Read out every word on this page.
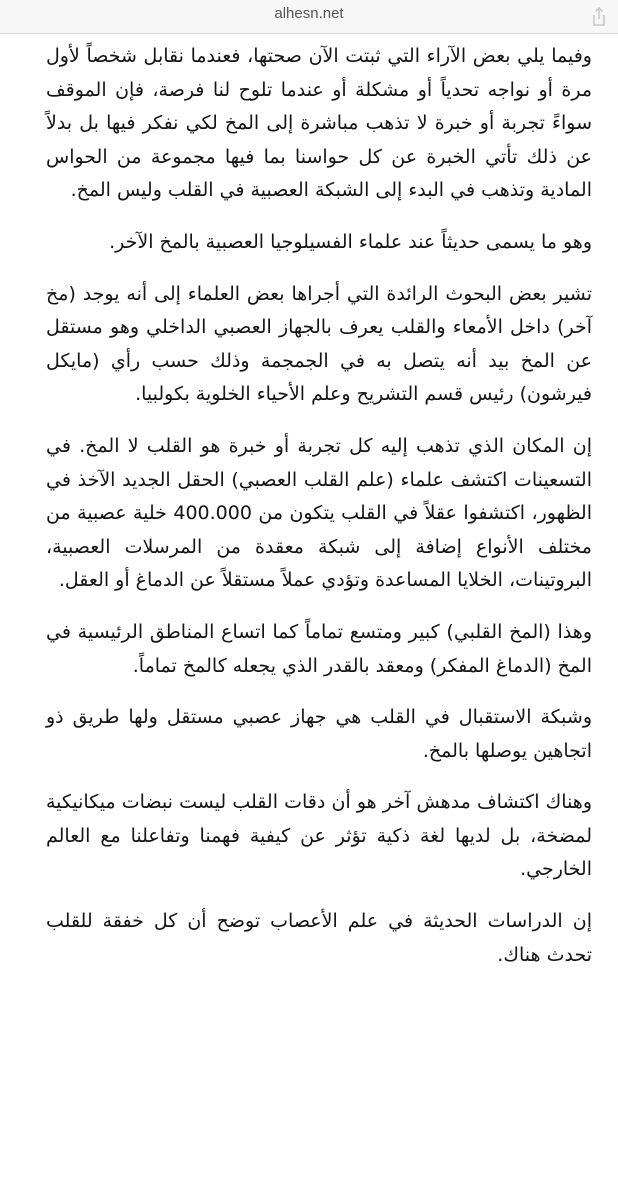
alhesn.net

وفيما يلي بعض الآراء التي ثبتت الآن صحتها، فعندما نقابل شخصاً لأول مرة أو نواجه تحدياً أو مشكلة أو عندما تلوح لنا فرصة، فإن الموقف سواءً تجربة أو خبرة لا تذهب مباشرة إلى المخ لكي نفكر فيها بل بدلاً عن ذلك تأتي الخبرة عن كل حواسنا بما فيها مجموعة من الحواس المادية وتذهب في البدء إلى الشبكة العصبية في القلب وليس المخ.

وهو ما يسمى حديثاً عند علماء الفسيلوجيا العصبية بالمخ الآخر.

تشير بعض البحوث الرائدة التي أجراها بعض العلماء إلى أنه يوجد (مخ آخر) داخل الأمعاء والقلب يعرف بالجهاز العصبي الداخلي وهو مستقل عن المخ بيد أنه يتصل به في الجمجمة وذلك حسب رأي (مايكل فيرشون) رئيس قسم التشريح وعلم الأحياء الخلوية بكولبيا.

إن المكان الذي تذهب إليه كل تجربة أو خبرة هو القلب لا المخ. في التسعينات اكتشف علماء (علم القلب العصبي) الحقل الجديد الآخذ في الظهور، اكتشفوا عقلاً في القلب يتكون من 400.000 خلية عصبية من مختلف الأنواع إضافة إلى شبكة معقدة من المرسلات العصبية، البروتينات، الخلايا المساعدة وتؤدي عملاً مستقلاً عن الدماغ أو العقل.

وهذا (المخ القلبي) كبير ومتسع تماماً كما اتساع المناطق الرئيسية في المخ (الدماغ المفكر) ومعقد بالقدر الذي يجعله كالمخ تماماً.

وشبكة الاستقبال في القلب هي جهاز عصبي مستقل ولها طريق ذو اتجاهين يوصلها بالمخ.

وهناك اكتشاف مدهش آخر هو أن دقات القلب ليست نبضات ميكانيكية لمضخة، بل لديها لغة ذكية تؤثر عن كيفية فهمنا وتفاعلنا مع العالم الخارجي.

إن الدراسات الحديثة في علم الأعصاب توضح أن كل خفقة للقلب تحدث هناك.
